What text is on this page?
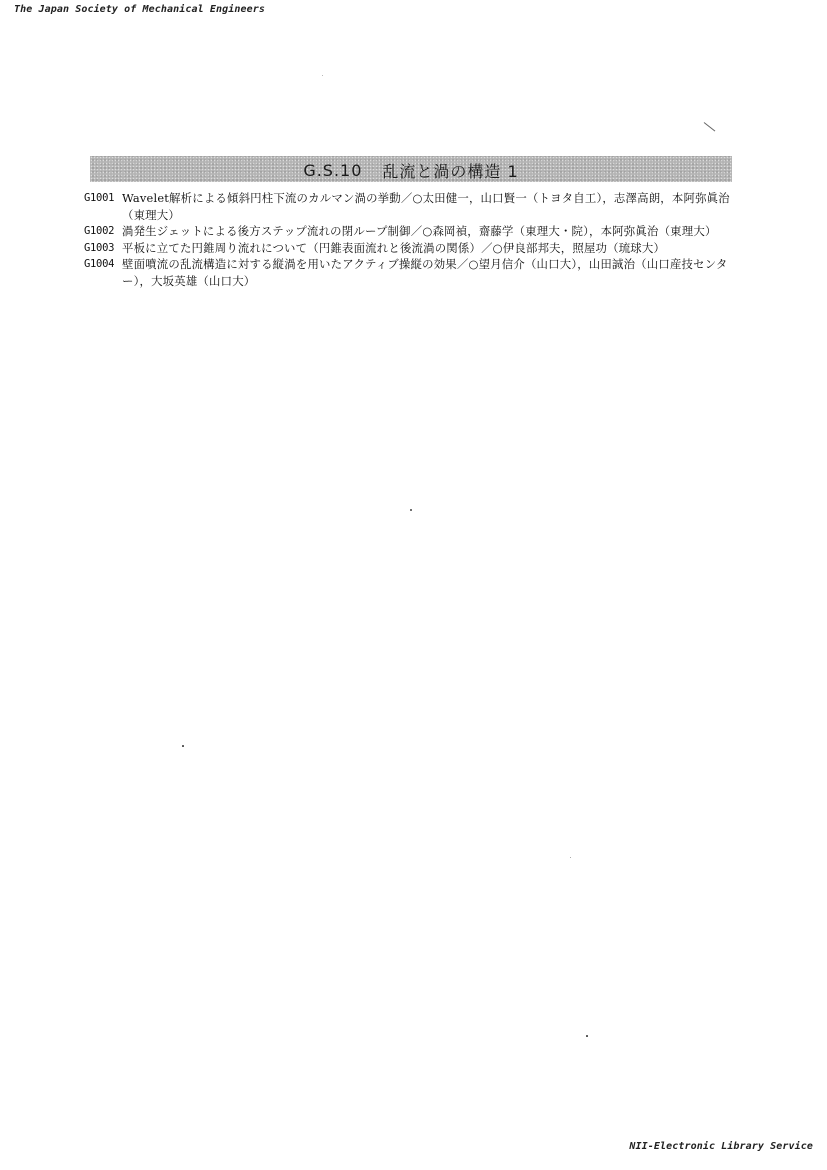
The Japan Society of Mechanical Engineers
G.S.10 乱流と渦の構造 1
G1001 Wavelet解析による傾斜円柱下流のカルマン渦の挙動／○太田健一，山口賢一（トヨタ自工），志澤高朗，本阿弥眞治（東理大）
G1002 渦発生ジェットによる後方ステップ流れの閉ループ制御／○森岡禎，齋藤学（東理大・院），本阿弥眞治（東理大）
G1003 平板に立てた円錐周り流れについて（円錐表面流れと後流渦の関係）／○伊良部邦夫，照屋功（琉球大）
G1004 壁面噴流の乱流構造に対する縦渦を用いたアクティブ操縦の効果／○望月信介（山口大），山田誠治（山口産技センター），大坂英雄（山口大）
NII-Electronic Library Service
